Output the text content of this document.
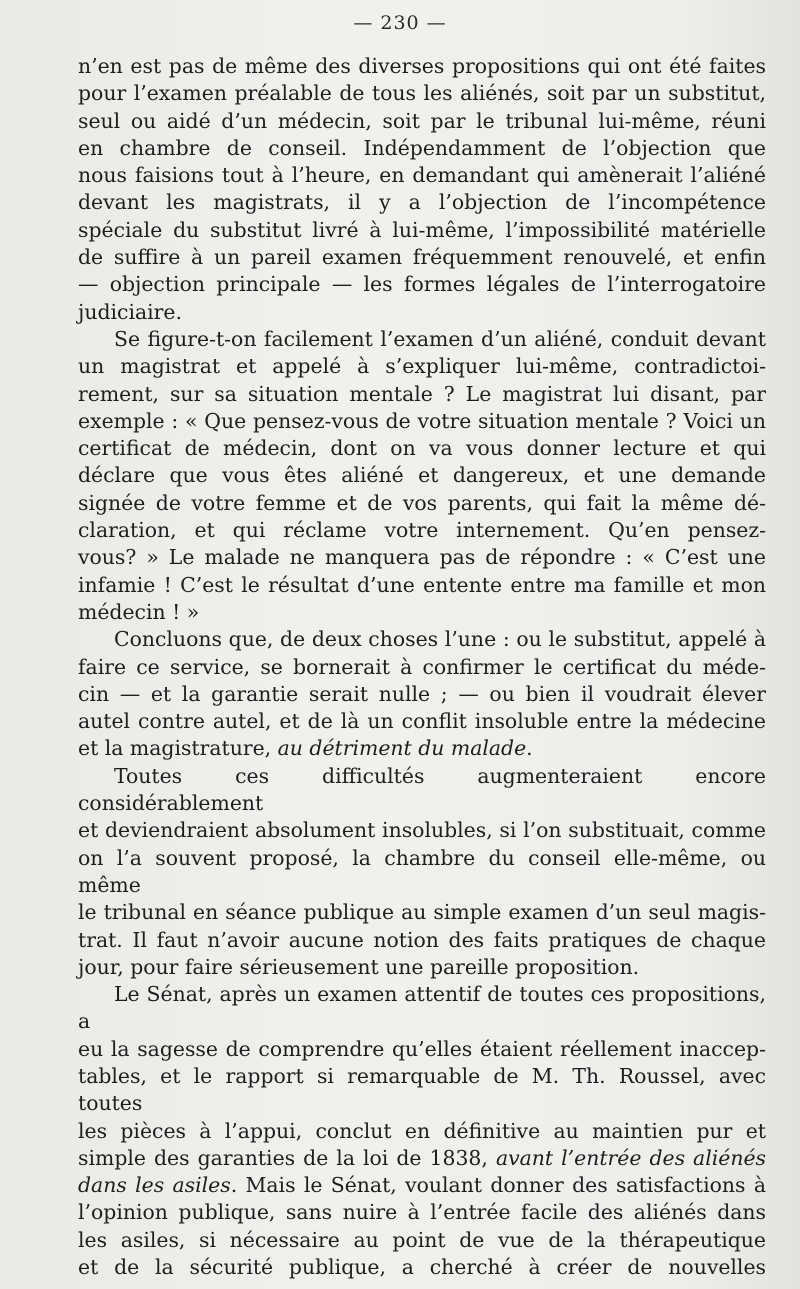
— 230 —

n’en est pas de même des diverses propositions qui ont été faites

pour l’examen préalable de tous les aliénés, soit par un substitut,

seul ou aidé d’un médecin, soit par le tribunal lui-même, réuni

en chambre de conseil. Indépendamment de l’objection que

nous faisions tout à l’heure, en demandant qui amènerait l’aliéné

devant les magistrats, il y a l’objection de l’incompétence

spéciale du substitut livré à lui-même, l’impossibilité matérielle

de suffire à un pareil examen fréquemment renouvelé, et enfin

— objection principale — les formes légales de l’interrogatoire

judiciaire.

Se figure-t-on facilement l’examen d’un aliéné, conduit devant

un magistrat et appelé à s’expliquer lui-même, contradictoi-

rement, sur sa situation mentale ? Le magistrat lui disant, par

exemple : « Que pensez-vous de votre situation mentale ? Voici un

certificat de médecin, dont on va vous donner lecture et qui

déclare que vous êtes aliéné et dangereux, et une demande

signée de votre femme et de vos parents, qui fait la même dé-

claration, et qui réclame votre internement. Qu’en pensez-

vous? » Le malade ne manquera pas de répondre : « C’est une

infamie ! C’est le résultat d’une entente entre ma famille et mon

médecin ! »

Concluons que, de deux choses l’une : ou le substitut, appelé à

faire ce service, se bornerait à confirmer le certificat du méde-

cin — et la garantie serait nulle ; — ou bien il voudrait élever

autel contre autel, et de là un conflit insoluble entre la médecine

et la magistrature, au détriment du malade.

Toutes ces difficultés augmenteraient encore considérablement

et deviendraient absolument insolubles, si l’on substituait, comme

on l’a souvent proposé, la chambre du conseil elle-même, ou même

le tribunal en séance publique au simple examen d’un seul magis-

trat. Il faut n’avoir aucune notion des faits pratiques de chaque

jour, pour faire sérieusement une pareille proposition.

Le Sénat, après un examen attentif de toutes ces propositions, a

eu la sagesse de comprendre qu’elles étaient réellement inaccep-

tables, et le rapport si remarquable de M. Th. Roussel, avec toutes

les pièces à l’appui, conclut en définitive au maintien pur et

simple des garanties de la loi de 1838, avant l’entrée des aliénés

dans les asiles. Mais le Sénat, voulant donner des satisfactions à

l’opinion publique, sans nuire à l’entrée facile des aliénés dans

les asiles, si nécessaire au point de vue de la thérapeutique

et de la sécurité publique, a cherché à créer de nouvelles
